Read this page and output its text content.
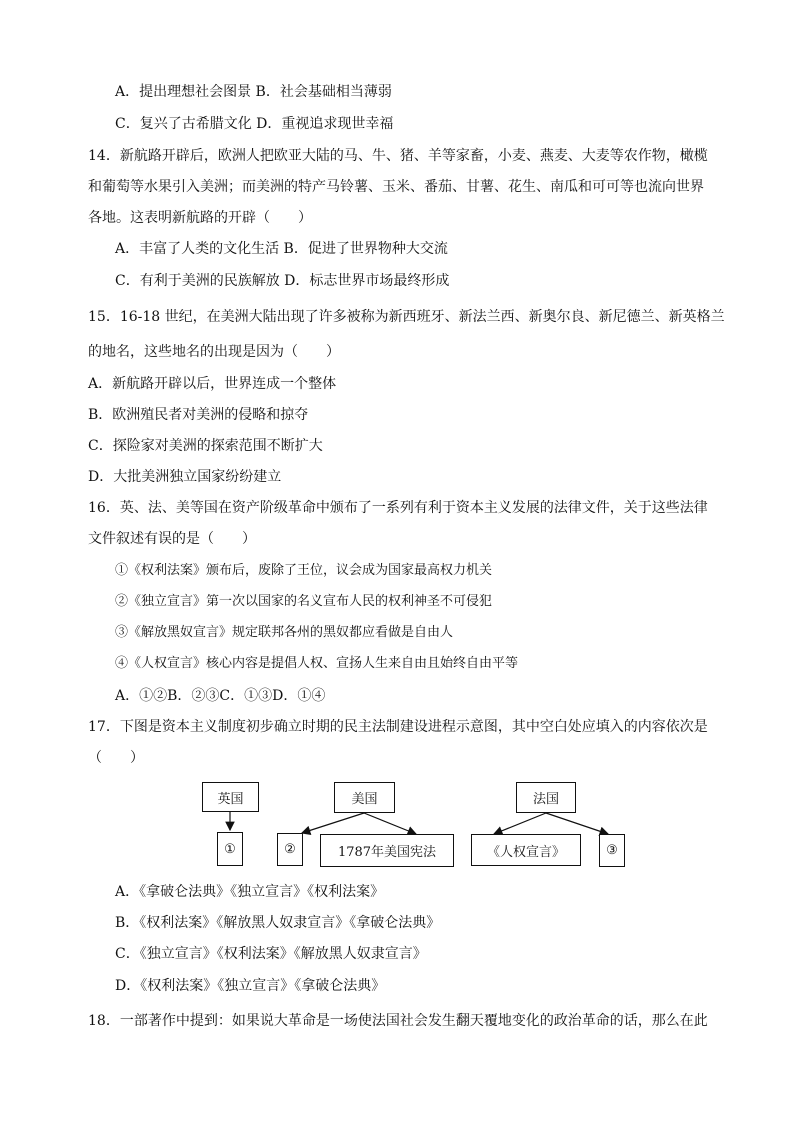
A．提出理想社会图景 B．社会基础相当薄弱
C．复兴了古希腊文化 D．重视追求现世幸福
14．新航路开辟后，欧洲人把欧亚大陆的马、牛、猪、羊等家畜，小麦、燕麦、大麦等农作物，橄榄
和葡萄等水果引入美洲；而美洲的特产马铃薯、玉米、番茄、甘薯、花生、南瓜和可可等也流向世界
各地。这表明新航路的开辟（　　）
A．丰富了人类的文化生活 B．促进了世界物种大交流
C．有利于美洲的民族解放 D．标志世界市场最终形成
15．16-18 世纪，在美洲大陆出现了许多被称为新西班牙、新法兰西、新奥尔良、新尼德兰、新英格兰
的地名，这些地名的出现是因为（　　）
A．新航路开辟以后，世界连成一个整体
B．欧洲殖民者对美洲的侵略和掠夺
C．探险家对美洲的探索范围不断扩大
D．大批美洲独立国家纷纷建立
16．英、法、美等国在资产阶级革命中颁布了一系列有利于资本主义发展的法律文件，关于这些法律
文件叙述有误的是（　　）
①《权利法案》颁布后，废除了王位，议会成为国家最高权力机关
②《独立宣言》第一次以国家的名义宣布人民的权利神圣不可侵犯
③《解放黑奴宣言》规定联邦各州的黑奴都应看做是自由人
④《人权宣言》核心内容是提倡人权、宣扬人生来自由且始终自由平等
A．①②B．②③C．①③D．①④
17．下图是资本主义制度初步确立时期的民主法制建设进程示意图，其中空白处应填入的内容依次是
（　　）
英国	美国	法国
①	②	1787年美国宪法	《人权宣言》	③
A．《拿破仑法典》《独立宣言》《权利法案》
B．《权利法案》《解放黑人奴隶宣言》《拿破仑法典》
C．《独立宣言》《权利法案》《解放黑人奴隶宣言》
D．《权利法案》《独立宣言》《拿破仑法典》
18．一部著作中提到：如果说大革命是一场使法国社会发生翻天覆地变化的政治革命的话，那么在此
